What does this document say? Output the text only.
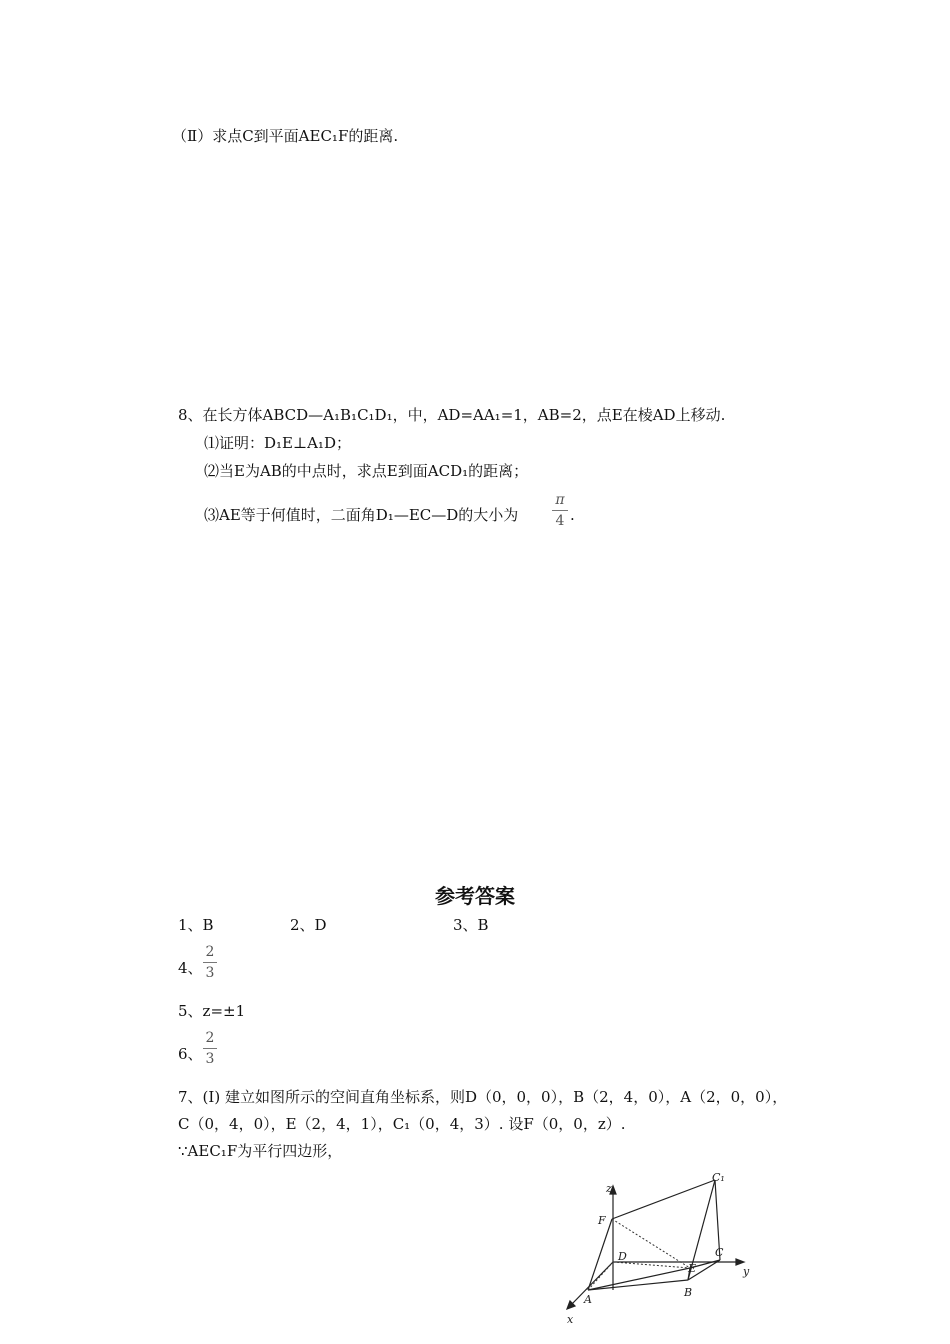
（Ⅱ）求点C到平面AEC₁F的距离.
8、在长方体ABCD—A₁B₁C₁D₁，中，AD=AA₁=1，AB=2，点E在棱AD上移动.
⑴证明：D₁E⊥A₁D；
⑵当E为AB的中点时，求点E到面ACD₁的距离；
⑶AE等于何值时，二面角D₁—EC—D的大小为
π
4 .
参考答案
1、B	2、D	3、B
4、
2
3
5、z=±1
6、
2
3
7、(I) 建立如图所示的空间直角坐标系，则D（0，0，0），B（2，4，0），A（2，0，0），
C（0，4，0），E（2，4，1），C₁（0，4，3）. 设F（0，0，z）.
∵AEC₁F为平行四边形，
z
y
x
C₁
F
D	C
E
A
B
